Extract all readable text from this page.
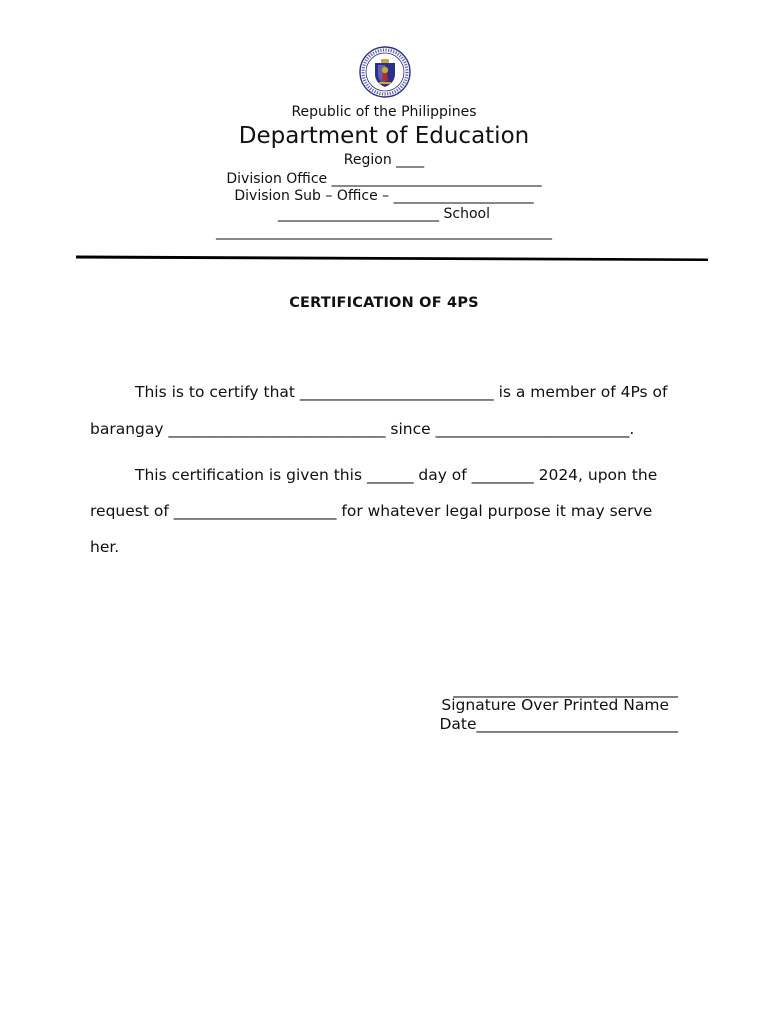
Republic of the Philippines
Department of Education
Region ____
Division Office ______________________________
Division Sub – Office – ____________________
_______________________ School
________________________________________________
CERTIFICATION OF 4PS
This is to certify that _________________________ is a member of 4Ps of
barangay ____________________________ since _________________________.
This certification is given this ______ day of ________ 2024, upon the
request of _____________________ for whatever legal purpose it may serve
her.
_____________________________
Signature Over Printed Name
Date__________________________
